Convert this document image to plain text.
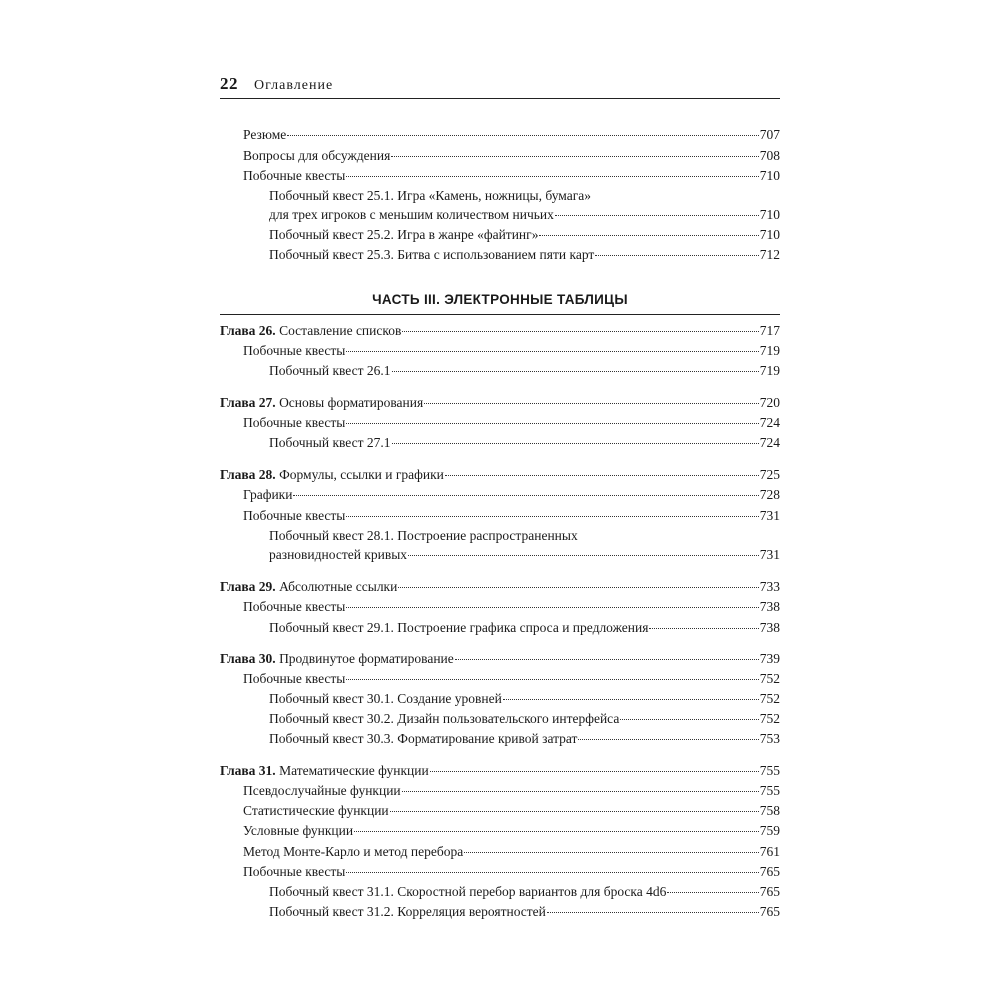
22 Оглавление
Резюме	707
Вопросы для обсуждения	708
Побочные квесты	710
Побочный квест 25.1. Игра «Камень, ножницы, бумага»
для трех игроков с меньшим количеством ничьих	710
Побочный квест 25.2. Игра в жанре «файтинг»	710
Побочный квест 25.3. Битва с использованием пяти карт	712
ЧАСТЬ III. ЭЛЕКТРОННЫЕ ТАБЛИЦЫ
Глава 26. Составление списков	717
Побочные квесты	719
Побочный квест 26.1	719
Глава 27. Основы форматирования	720
Побочные квесты	724
Побочный квест 27.1	724
Глава 28. Формулы, ссылки и графики	725
Графики	728
Побочные квесты	731
Побочный квест 28.1. Построение распространенных
разновидностей кривых	731
Глава 29. Абсолютные ссылки	733
Побочные квесты	738
Побочный квест 29.1. Построение графика спроса и предложения	738
Глава 30. Продвинутое форматирование	739
Побочные квесты	752
Побочный квест 30.1. Создание уровней	752
Побочный квест 30.2. Дизайн пользовательского интерфейса	752
Побочный квест 30.3. Форматирование кривой затрат	753
Глава 31. Математические функции	755
Псевдослучайные функции	755
Статистические функции	758
Условные функции	759
Метод Монте-Карло и метод перебора	761
Побочные квесты	765
Побочный квест 31.1. Скоростной перебор вариантов для броска 4d6	765
Побочный квест 31.2. Корреляция вероятностей	765
